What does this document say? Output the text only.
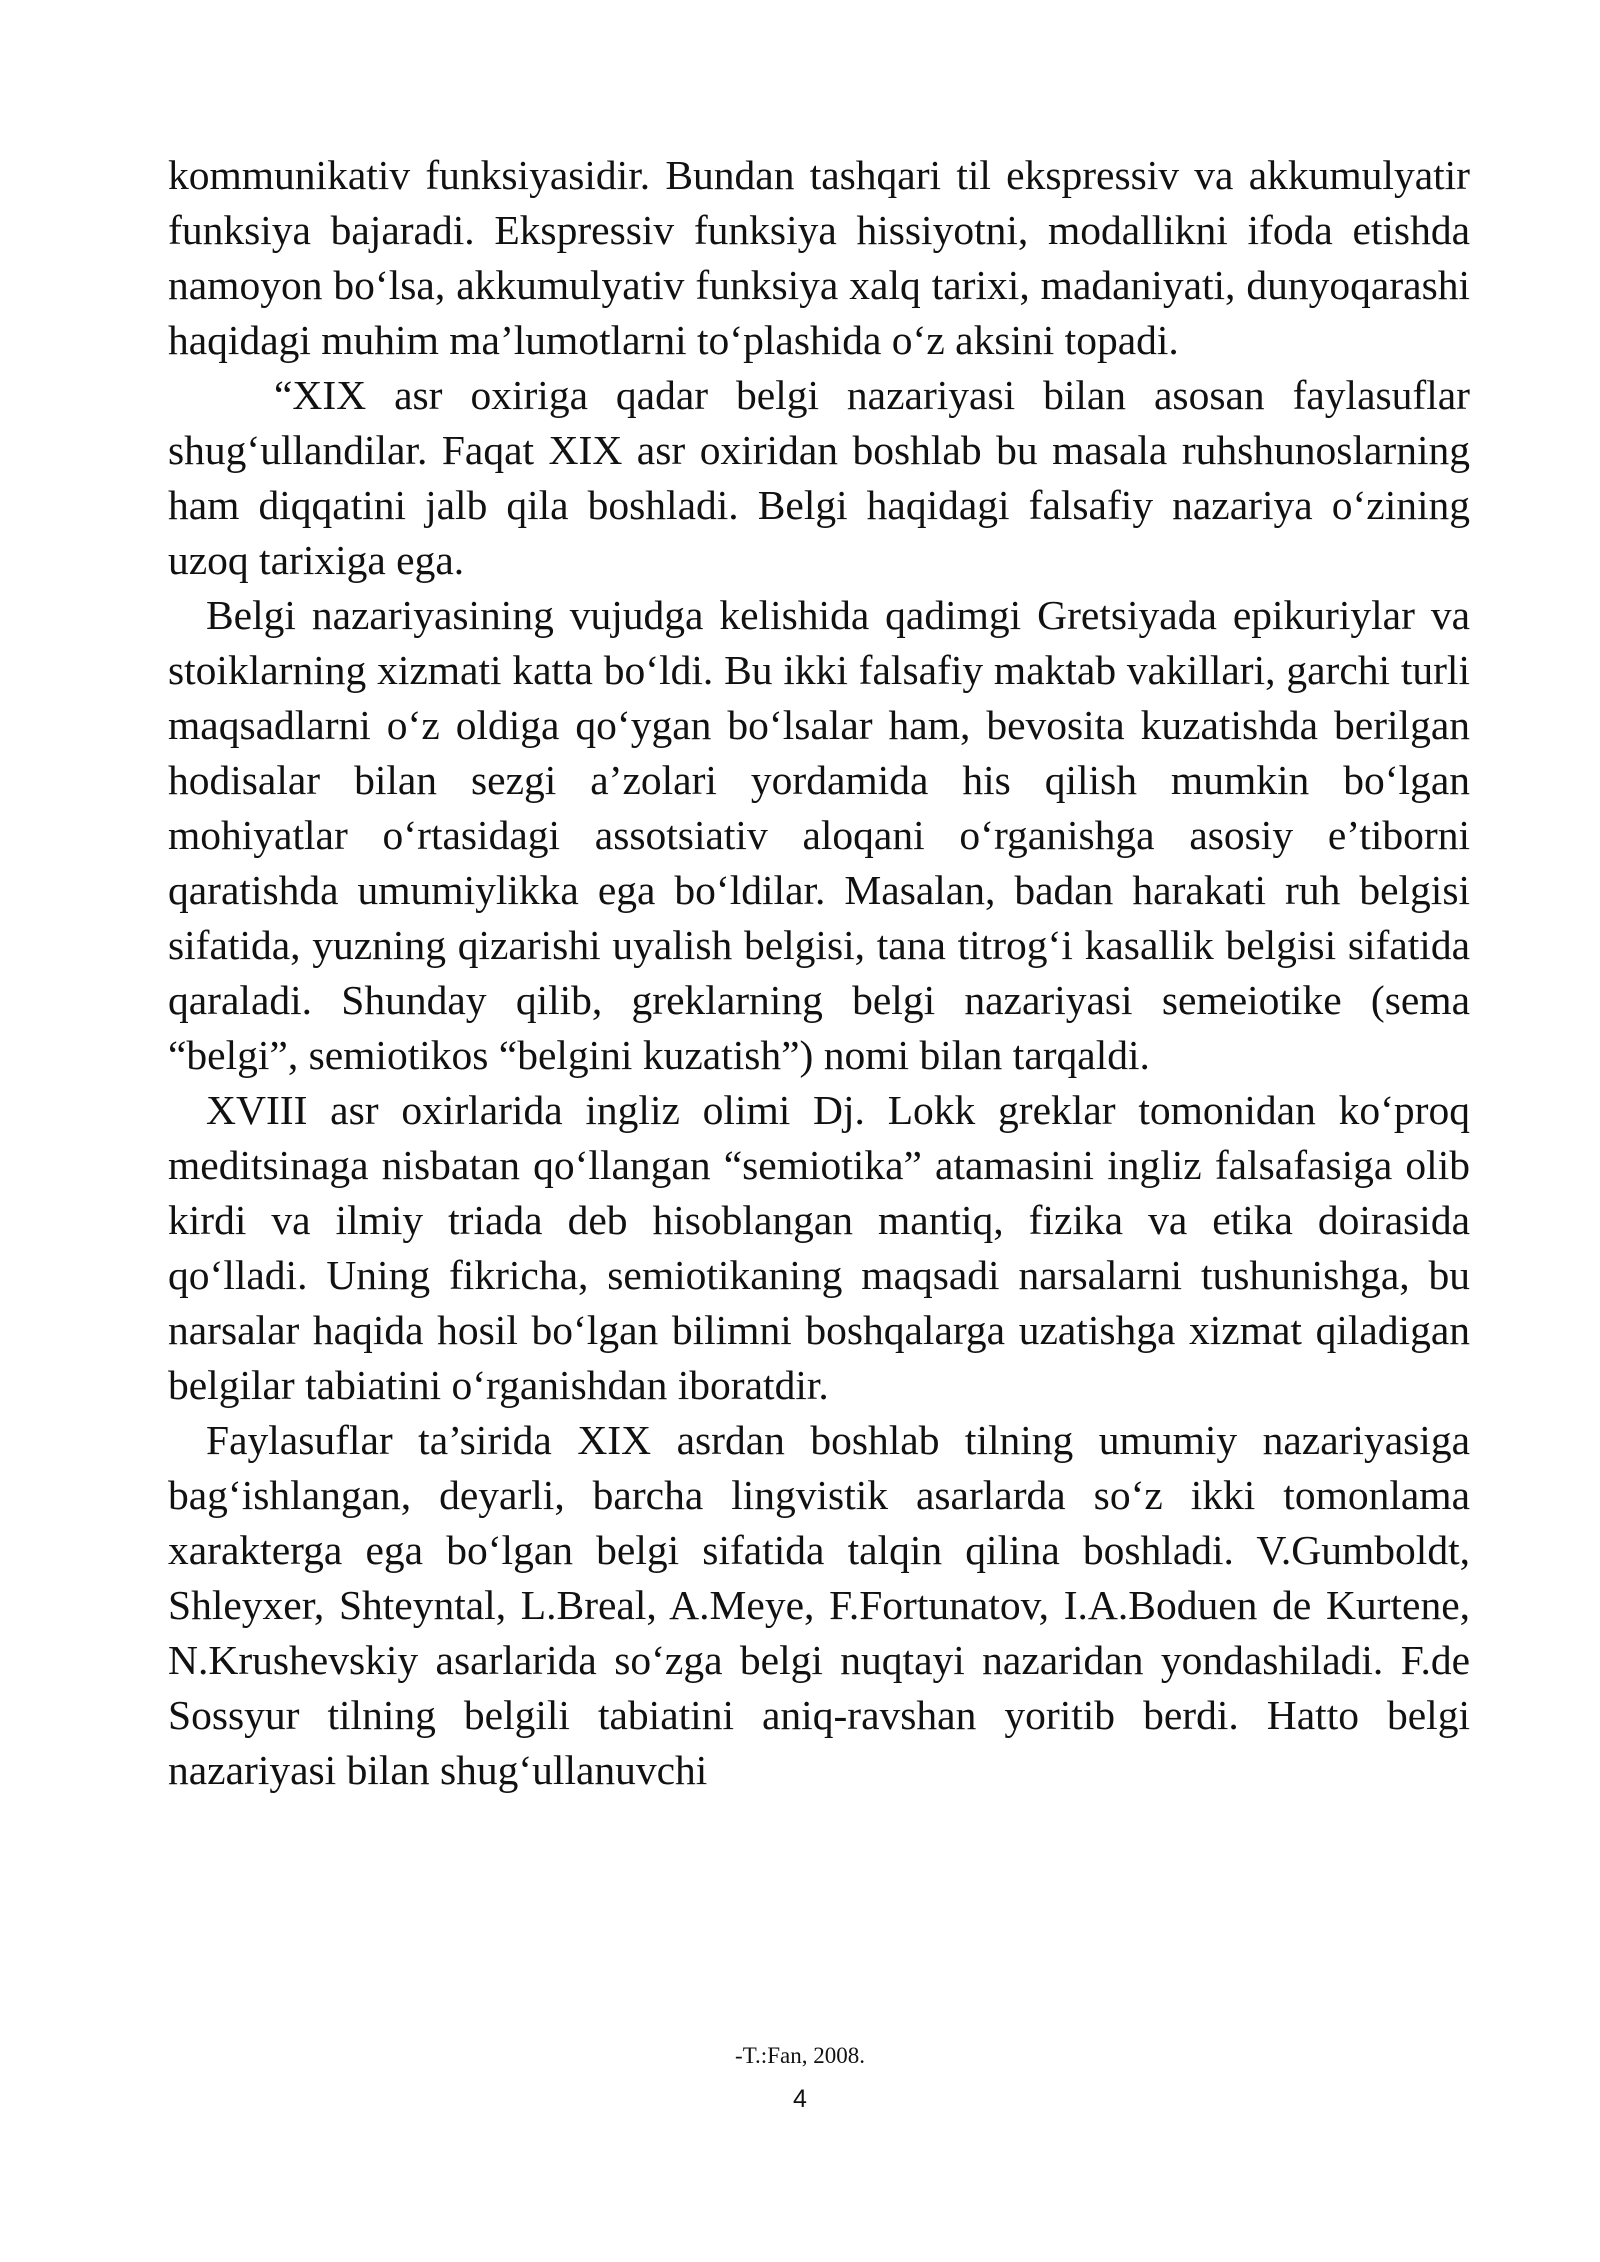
kommunikativ funksiyasidir. Bundan tashqari til ekspressiv va akkumulyatir funksiya bajaradi. Ekspressiv funksiya hissiyotni, modallikni ifoda etishda namoyon bo‘lsa, akkumulyativ funksiya xalq tarixi, madaniyati, dunyoqarashi haqidagi muhim ma’lumotlarni to‘plashida o‘z aksini topadi.

“XIX asr oxiriga qadar belgi nazariyasi bilan asosan faylasuflar shug‘ullandilar. Faqat XIX asr oxiridan boshlab bu masala ruhshunoslarning ham diqqatini jalb qila boshladi. Belgi haqidagi falsafiy nazariya o‘zining uzoq tarixiga ega.

Belgi nazariyasining vujudga kelishida qadimgi Gretsiyada epikuriylar va stoiklarning xizmati katta bo‘ldi. Bu ikki falsafiy maktab vakillari, garchi turli maqsadlarni o‘z oldiga qo‘ygan bo‘lsalar ham, bevosita kuzatishda berilgan hodisalar bilan sezgi a’zolari yordamida his qilish mumkin bo‘lgan mohiyatlar o‘rtasidagi assotsiativ aloqani o‘rganishga asosiy e’tiborni qaratishda umumiylikka ega bo‘ldilar. Masalan, badan harakati ruh belgisi sifatida, yuzning qizarishi uyalish belgisi, tana titrog‘i kasallik belgisi sifatida qaraladi. Shunday qilib, greklarning belgi nazariyasi semeiotike (sema “belgi”, semiotikos “belgini kuzatish”) nomi bilan tarqaldi.

XVIII asr oxirlarida ingliz olimi Dj. Lokk greklar tomonidan ko‘proq meditsinaga nisbatan qo‘llangan “semiotika” atamasini ingliz falsafasiga olib kirdi va ilmiy triada deb hisoblangan mantiq, fizika va etika doirasida qo‘lladi. Uning fikricha, semiotikaning maqsadi narsalarni tushunishga, bu narsalar haqida hosil bo‘lgan bilimni boshqalarga uzatishga xizmat qiladigan belgilar tabiatini o‘rganishdan iboratdir.

Faylasuflar ta’sirida XIX asrdan boshlab tilning umumiy nazariyasiga bag‘ishlangan, deyarli, barcha lingvistik asarlarda so‘z ikki tomonlama xarakterga ega bo‘lgan belgi sifatida talqin qilina boshladi. V.Gumboldt, Shleyxer, Shteyntal, L.Breal, A.Meye, F.Fortunatov, I.A.Boduen de Kurtene, N.Krushevskiy asarlarida so‘zga belgi nuqtayi nazaridan yondashiladi. F.de Sossyur tilning belgili tabiatini aniq-ravshan yoritib berdi. Hatto belgi nazariyasi bilan shug‘ullanuvchi

-T.:Fan, 2008.
4
